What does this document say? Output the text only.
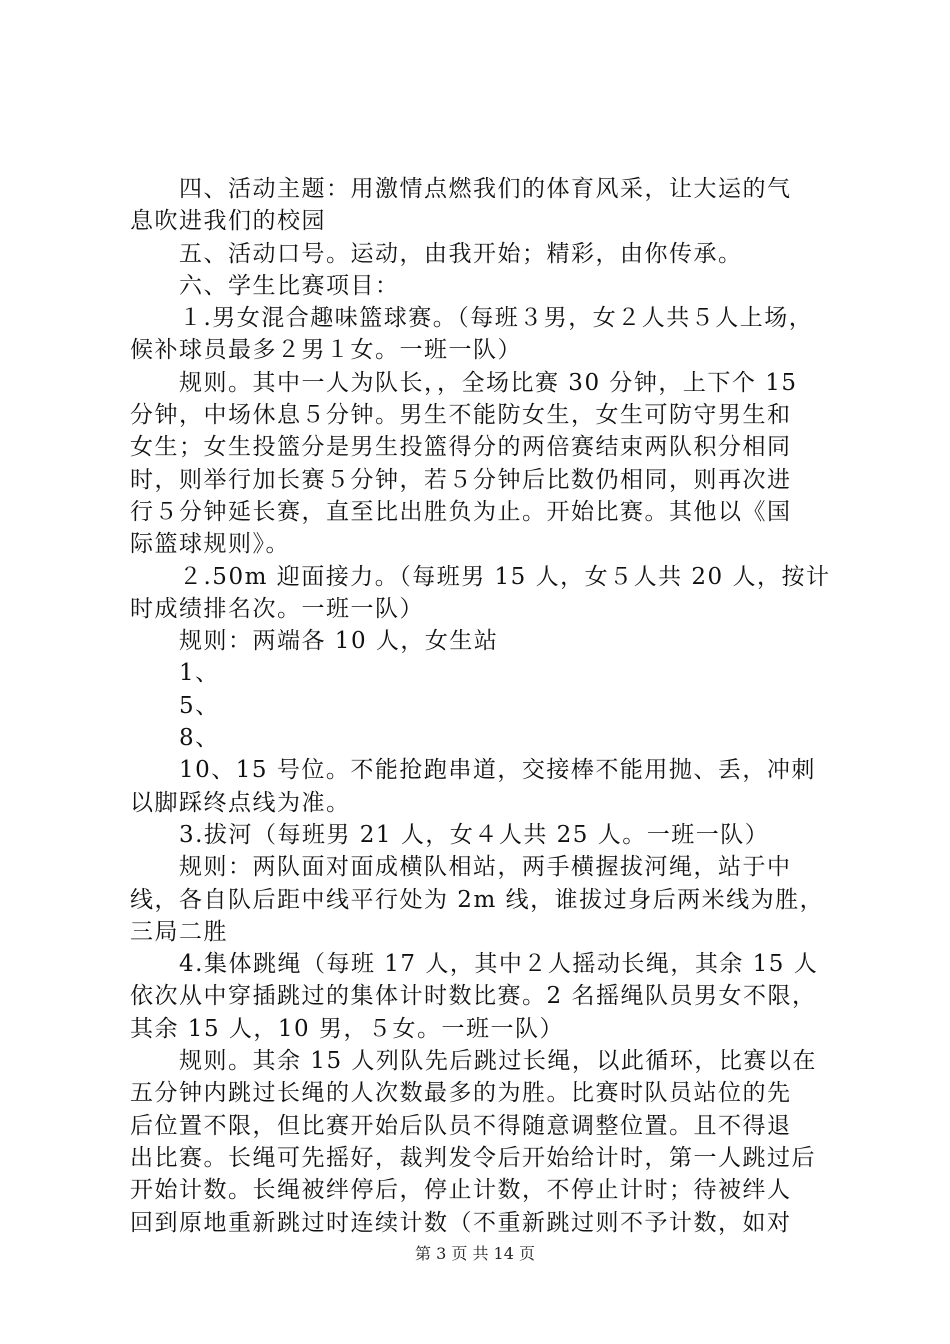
　　四、活动主题：用激情点燃我们的体育风采，让大运的气
息吹进我们的校园
　　五、活动口号。运动，由我开始；精彩，由你传承。
　　六、学生比赛项目：
　　１.男女混合趣味篮球赛。（每班３男，女２人共５人上场，
候补球员最多２男１女。一班一队）
　　规则。其中一人为队长，，全场比赛 30 分钟，上下个 15
分钟，中场休息５分钟。男生不能防女生，女生可防守男生和
女生；女生投篮分是男生投篮得分的两倍赛结束两队积分相同
时，则举行加长赛５分钟，若５分钟后比数仍相同，则再次进
行５分钟延长赛，直至比出胜负为止。开始比赛。其他以《国
际篮球规则》。
　　２.50m 迎面接力。（每班男 15 人，女５人共 20 人，按计
时成绩排名次。一班一队）
　　规则：两端各 10 人，女生站
　　1、
　　5、
　　8、
　　10、15 号位。不能抢跑串道，交接棒不能用抛、丢，冲刺
以脚踩终点线为准。
　　3.拔河（每班男 21 人，女４人共 25 人。一班一队）
　　规则：两队面对面成横队相站，两手横握拔河绳，站于中
线，各自队后距中线平行处为 2m 线，谁拔过身后两米线为胜，
三局二胜
　　4.集体跳绳（每班 17 人，其中２人摇动长绳，其余 15 人
依次从中穿插跳过的集体计时数比赛。2 名摇绳队员男女不限，
其余 15 人，10 男，５女。一班一队）
　　规则。其余 15 人列队先后跳过长绳，以此循环，比赛以在
五分钟内跳过长绳的人次数最多的为胜。比赛时队员站位的先
后位置不限，但比赛开始后队员不得随意调整位置。且不得退
出比赛。长绳可先摇好，裁判发令后开始给计时，第一人跳过后
开始计数。长绳被绊停后，停止计数，不停止计时；待被绊人
回到原地重新跳过时连续计数（不重新跳过则不予计数，如对
第 3 页 共 14 页
